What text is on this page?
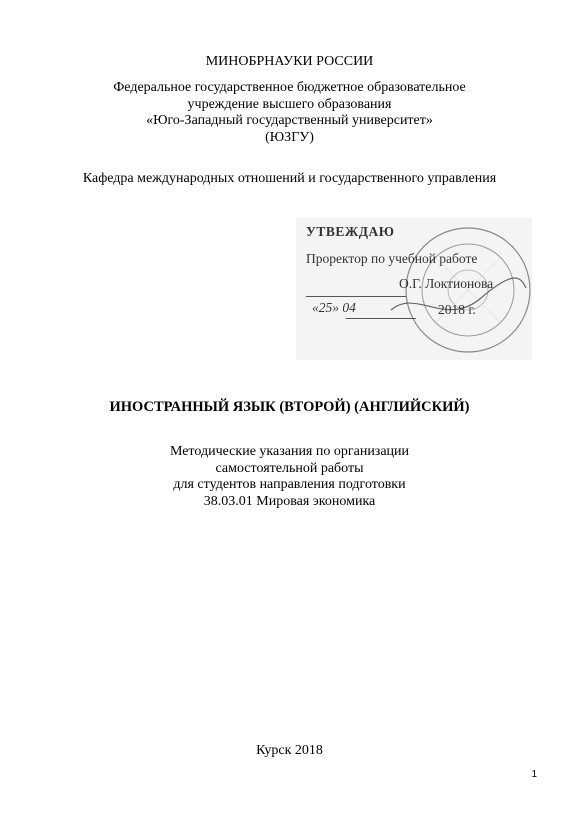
МИНОБРНАУКИ РОССИИ
Федеральное государственное бюджетное образовательное
учреждение высшего образования
«Юго-Западный государственный университет»
(ЮЗГУ)
Кафедра международных отношений и государственного управления
УТВЕЖДАЮ
Проректор по учебной работе
О.Г. Локтионова
«25» 04	2018 г.
ИНОСТРАННЫЙ ЯЗЫК (ВТОРОЙ) (АНГЛИЙСКИЙ)
Методические указания по организации
самостоятельной работы
для студентов направления подготовки
38.03.01 Мировая экономика
Курск 2018
1
